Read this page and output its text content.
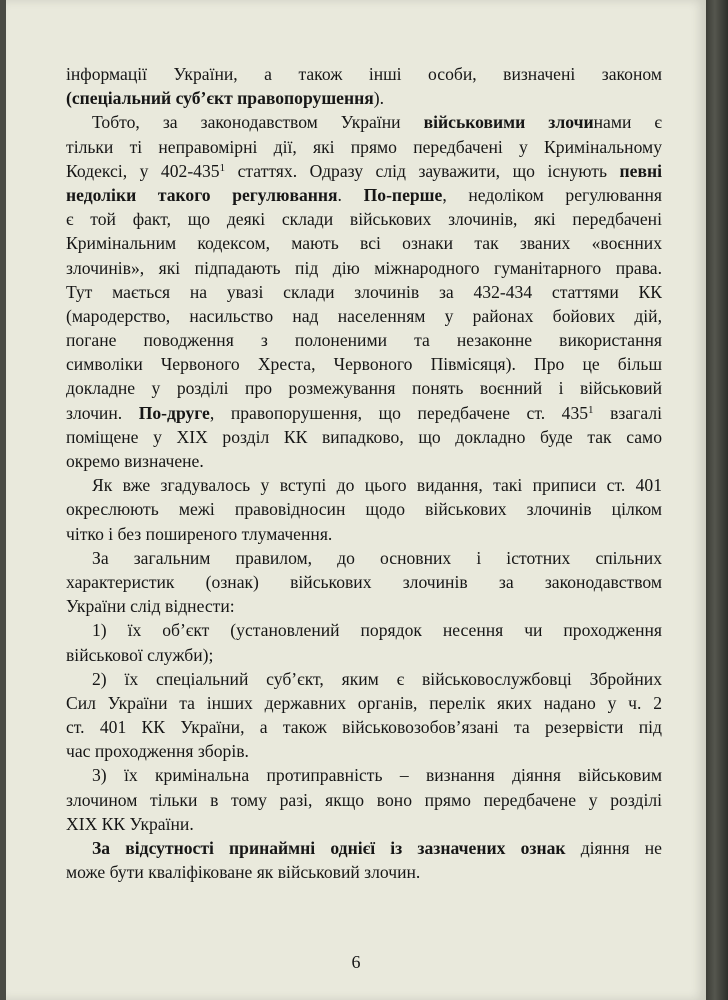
інформації України, а також інші особи, визначені законом
(спеціальний суб’єкт правопорушення).
Тобто, за законодавством України військовими злочинами є
тільки ті неправомірні дії, які прямо передбачені у Кримінальному
Кодексі, у $402-435^1$ статтях. Одразу слід зауважити, що існують певні
недоліки такого регулювання. По-перше, недоліком регулювання
є той факт, що деякі склади військових злочинів, які передбачені
Кримінальним кодексом, мають всі ознаки так званих «воєнних
злочинів», які підпадають під дію міжнародного гуманітарного права.
Тут мається на увазі склади злочинів за 432-434 статтями КК
(мародерство, насильство над населенням у районах бойових дій,
погане поводження з полоненими та незаконне використання
символіки Червоного Хреста, Червоного Півмісяця). Про це більш
докладне у розділі про розмежування понять воєнний і військовий
злочин. По-друге, правопорушення, що передбачене ст. $435^1$ взагалі
поміщене у XIX розділ КК випадково, що докладно буде так само
окремо визначене.
Як вже згадувалось у вступі до цього видання, такі приписи ст. 401
окреслюють межі правовідносин щодо військових злочинів цілком
чітко і без поширеного тлумачення.
За загальним правилом, до основних і істотних спільних
характеристик (ознак) військових злочинів за законодавством
України слід віднести:
1) їх об’єкт (установлений порядок несення чи проходження
військової служби);
2) їх спеціальний суб’єкт, яким є військовослужбовці Збройних
Сил України та інших державних органів, перелік яких надано у ч. 2
ст. 401 КК України, а також військовозобов’язані та резервісти під
час проходження зборів.
3) їх кримінальна протиправність – визнання діяння військовим
злочином тільки в тому разі, якщо воно прямо передбачене у розділі
XIX КК України.
За відсутності принаймні однієї із зазначених ознак діяння не
може бути кваліфіковане як військовий злочин.
6
